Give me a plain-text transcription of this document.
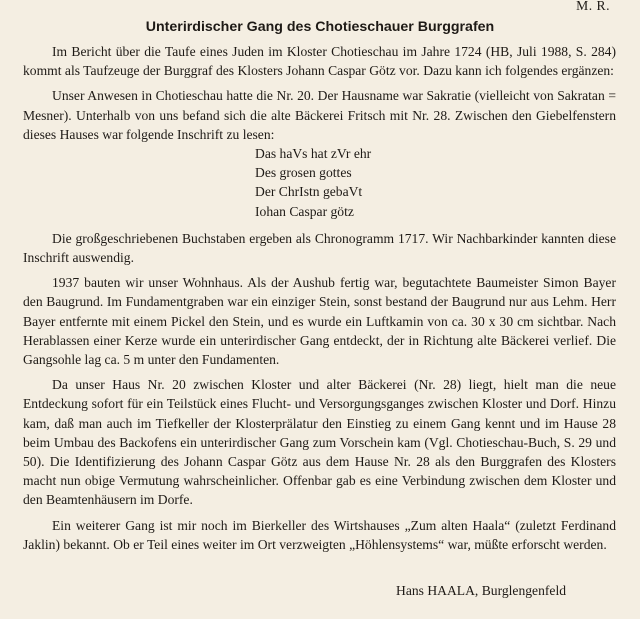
M. R.
Unterirdischer Gang des Chotieschauer Burggrafen

Im Bericht über die Taufe eines Juden im Kloster Chotieschau im Jahre 1724 (HB, Juli 1988, S. 284) kommt als Taufzeuge der Burggraf des Klosters Johann Caspar Götz vor. Dazu kann ich folgendes ergänzen:

Unser Anwesen in Chotieschau hatte die Nr. 20. Der Hausname war Sakratie (vielleicht von Sakratan = Mesner). Unterhalb von uns befand sich die alte Bäckerei Fritsch mit Nr. 28. Zwischen den Giebelfenstern dieses Hauses war folgende Inschrift zu lesen:

Das haVs hat zVr ehr
Des grosen gottes
Der ChrIstn gebaVt
Iohan Caspar götz

Die großgeschriebenen Buchstaben ergeben als Chronogramm 1717. Wir Nachbarkinder kannten diese Inschrift auswendig.

1937 bauten wir unser Wohnhaus. Als der Aushub fertig war, begutachtete Baumeister Simon Bayer den Baugrund. Im Fundamentgraben war ein einziger Stein, sonst bestand der Baugrund nur aus Lehm. Herr Bayer entfernte mit einem Pickel den Stein, und es wurde ein Luftkamin von ca. 30 x 30 cm sichtbar. Nach Herablassen einer Kerze wurde ein unterirdischer Gang entdeckt, der in Richtung alte Bäckerei verlief. Die Gangsohle lag ca. 5 m unter den Fundamenten.

Da unser Haus Nr. 20 zwischen Kloster und alter Bäckerei (Nr. 28) liegt, hielt man die neue Entdeckung sofort für ein Teilstück eines Flucht- und Versorgungsganges zwischen Kloster und Dorf. Hinzu kam, daß man auch im Tiefkeller der Klosterprälatur den Einstieg zu einem Gang kennt und im Hause 28 beim Umbau des Backofens ein unterirdischer Gang zum Vorschein kam (Vgl. Chotieschau-Buch, S. 29 und 50). Die Identifizierung des Johann Caspar Götz aus dem Hause Nr. 28 als den Burggrafen des Klosters macht nun obige Vermutung wahrscheinlicher. Offenbar gab es eine Verbindung zwischen dem Kloster und den Beamtenhäusern im Dorfe.

Ein weiterer Gang ist mir noch im Bierkeller des Wirtshauses „Zum alten Haala“ (zuletzt Ferdinand Jaklin) bekannt. Ob er Teil eines weiter im Ort verzweigten „Höhlensystems“ war, müßte erforscht werden.

Hans HAALA, Burglengenfeld
